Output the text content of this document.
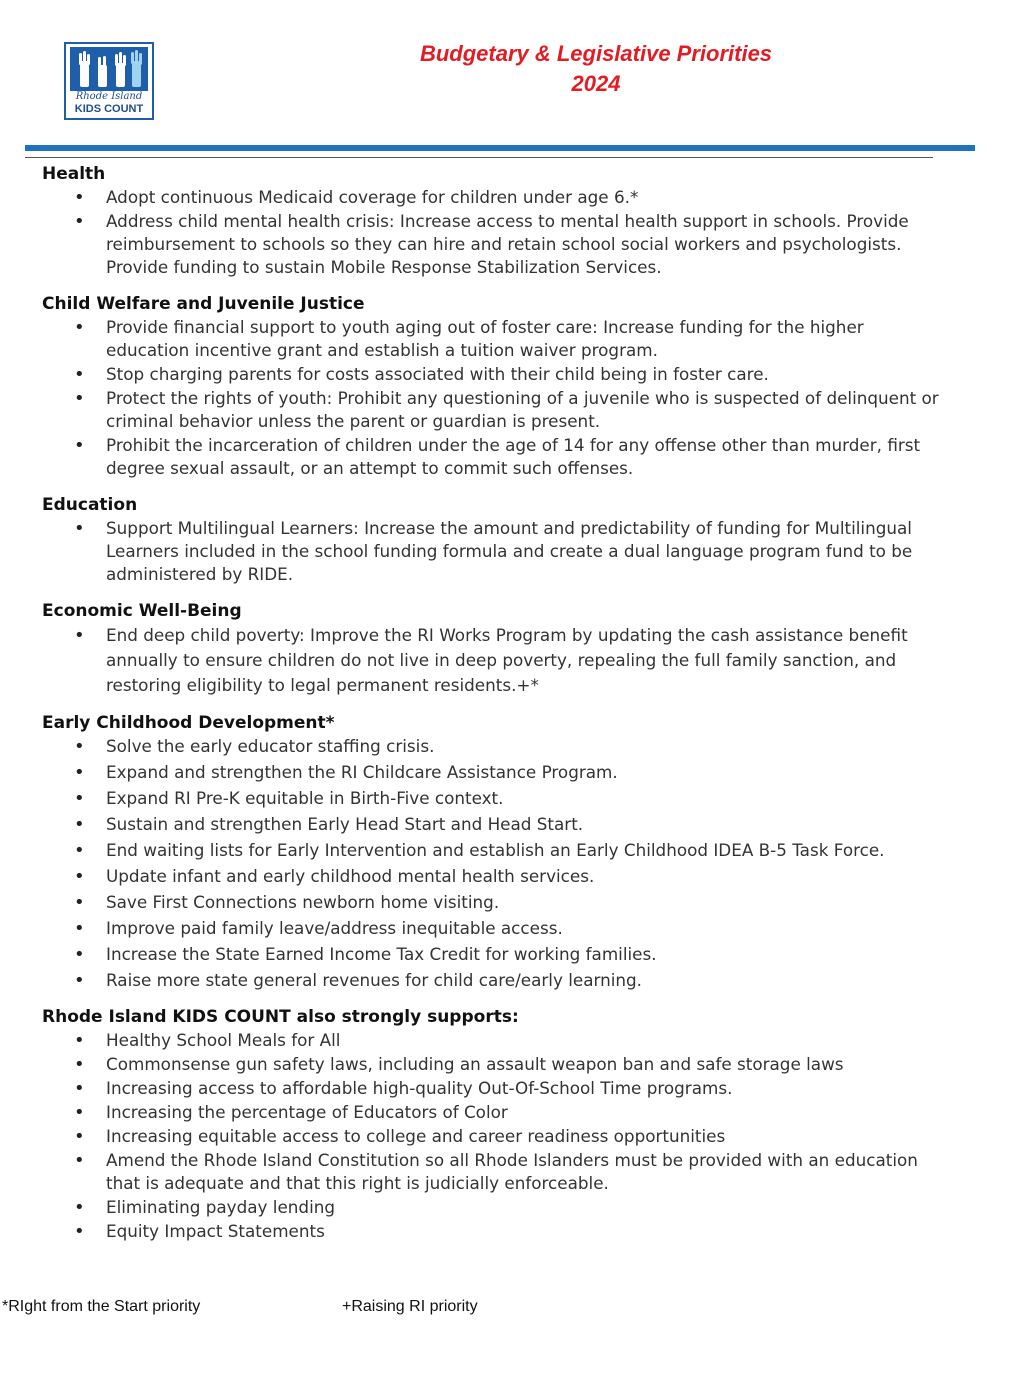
Rhode Island
KIDS COUNT
Budgetary & Legislative Priorities
2024
Health
• Adopt continuous Medicaid coverage for children under age 6.*
• Address child mental health crisis: Increase access to mental health support in schools. Provide reimbursement to schools so they can hire and retain school social workers and psychologists. Provide funding to sustain Mobile Response Stabilization Services.
Child Welfare and Juvenile Justice
• Provide financial support to youth aging out of foster care: Increase funding for the higher education incentive grant and establish a tuition waiver program.
• Stop charging parents for costs associated with their child being in foster care.
• Protect the rights of youth: Prohibit any questioning of a juvenile who is suspected of delinquent or criminal behavior unless the parent or guardian is present.
• Prohibit the incarceration of children under the age of 14 for any offense other than murder, first degree sexual assault, or an attempt to commit such offenses.
Education
• Support Multilingual Learners: Increase the amount and predictability of funding for Multilingual Learners included in the school funding formula and create a dual language program fund to be administered by RIDE.
Economic Well-Being
• End deep child poverty: Improve the RI Works Program by updating the cash assistance benefit annually to ensure children do not live in deep poverty, repealing the full family sanction, and restoring eligibility to legal permanent residents.+*
Early Childhood Development*
• Solve the early educator staffing crisis.
• Expand and strengthen the RI Childcare Assistance Program.
• Expand RI Pre-K equitable in Birth-Five context.
• Sustain and strengthen Early Head Start and Head Start.
• End waiting lists for Early Intervention and establish an Early Childhood IDEA B-5 Task Force.
• Update infant and early childhood mental health services.
• Save First Connections newborn home visiting.
• Improve paid family leave/address inequitable access.
• Increase the State Earned Income Tax Credit for working families.
• Raise more state general revenues for child care/early learning.
Rhode Island KIDS COUNT also strongly supports:
• Healthy School Meals for All
• Commonsense gun safety laws, including an assault weapon ban and safe storage laws
• Increasing access to affordable high-quality Out-Of-School Time programs.
• Increasing the percentage of Educators of Color
• Increasing equitable access to college and career readiness opportunities
• Amend the Rhode Island Constitution so all Rhode Islanders must be provided with an education that is adequate and that this right is judicially enforceable.
• Eliminating payday lending
• Equity Impact Statements
*RIght from the Start priority	+Raising RI priority
